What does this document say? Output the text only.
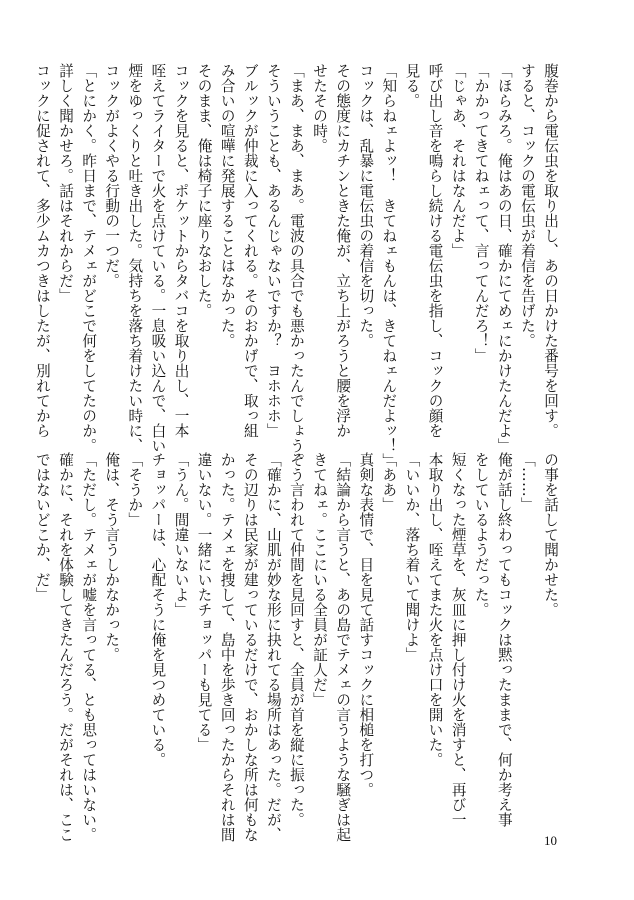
腹巻から電伝虫を取り出し、あの日かけた番号を回す。
すると、コックの電伝虫が着信を告げた。
「ほらみろ。俺はあの日、確かにてめェにかけたんだよ」
「かかってきてねェって、言ってんだろ！」
「じゃあ、それはなんだよ」
呼び出し音を鳴らし続ける電伝虫を指し、コックの顔を
見る。
「知らねェよッ！　きてねェもんは、きてねェんだよッ！」
コックは、乱暴に電伝虫の着信を切った。
その態度にカチンときた俺が、立ち上がろうと腰を浮か
せたその時。
「まあ、まあ、まあ。電波の具合でも悪かったんでしょう。
そういうことも、あるんじゃないですか？　ヨホホホ」
ブルックが仲裁に入ってくれる。そのおかげで、取っ組
み合いの喧嘩に発展することはなかった。
そのまま、俺は椅子に座りなおした。
コックを見ると、ポケットからタバコを取り出し、一本
咥えてライターで火を点けている。一息吸い込んで、白い
煙をゆっくりと吐き出した。気持ちを落ち着けたい時に、
コックがよくやる行動の一つだ。
「とにかく。昨日まで、テメェがどこで何をしてたのか。
詳しく聞かせろ。話はそれからだ」
コックに促されて、多少ムカつきはしたが、別れてから
の事を話して聞かせた。
「……」
俺が話し終わってもコックは黙ったままで、何か考え事
をしているようだった。
短くなった煙草を、灰皿に押し付け火を消すと、再び一
本取り出し、咥えてまた火を点け口を開いた。
「いいか、落ち着いて聞けよ」
「ああ」
真剣な表情で、目を見て話すコックに相槌を打つ。
「結論から言うと、あの島でテメェの言うような騒ぎは起
きてねェ。ここにいる全員が証人だ」
そう言われて仲間を見回すと、全員が首を縦に振った。
「確かに、山肌が妙な形に抉れてる場所はあった。だが、
その辺りは民家が建っているだけで、おかしな所は何もな
かった。テメェを捜して、島中を歩き回ったからそれは間
違いない。一緒にいたチョッパーも見てる」
「うん。間違いないよ」
チョッパーは、心配そうに俺を見つめている。
「そうか」
俺は、そう言うしかなかった。
「ただし。テメェが嘘を言ってる、とも思ってはいない。
確かに、それを体験してきたんだろう。だがそれは、ここ
ではないどこか、だ」
10
